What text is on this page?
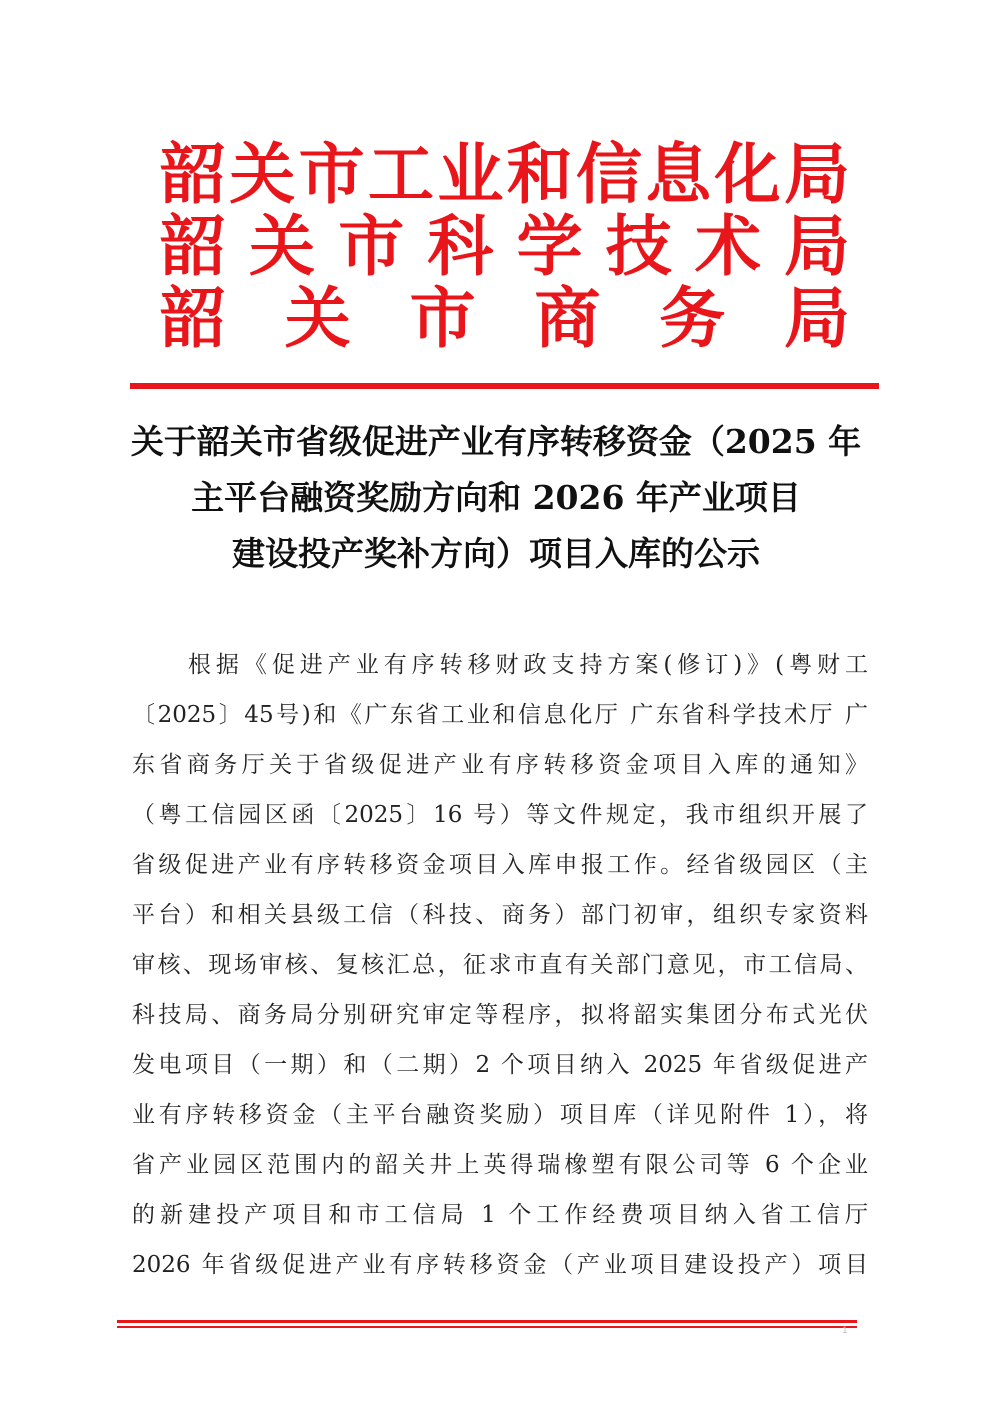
韶 关 市 工 业 和 信 息 化 局
韶 关 市 科 学 技 术 局
韶 关 市 商 务 局
关于韶关市省级促进产业有序转移资金（2025 年
主平台融资奖励方向和 2026 年产业项目
建设投产奖补方向）项目入库的公示
　　根据《促进产业有序转移财政支持方案(修订)》(粤财工
〔2025〕45号)和《广东省工业和信息化厅 广东省科学技术厅 广
东省商务厅关于省级促进产业有序转移资金项目入库的通知》
（粤工信园区函〔2025〕16 号）等文件规定，我市组织开展了
省级促进产业有序转移资金项目入库申报工作。经省级园区（主
平台）和相关县级工信（科技、商务）部门初审，组织专家资料
审核、现场审核、复核汇总，征求市直有关部门意见，市工信局、
科技局、商务局分别研究审定等程序，拟将韶实集团分布式光伏
发电项目（一期）和（二期）2 个项目纳入 2025 年省级促进产
业有序转移资金（主平台融资奖励）项目库（详见附件 1），将
省产业园区范围内的韶关井上英得瑞橡塑有限公司等 6 个企业
的新建投产项目和市工信局 1 个工作经费项目纳入省工信厅
2026 年省级促进产业有序转移资金（产业项目建设投产）项目
1
